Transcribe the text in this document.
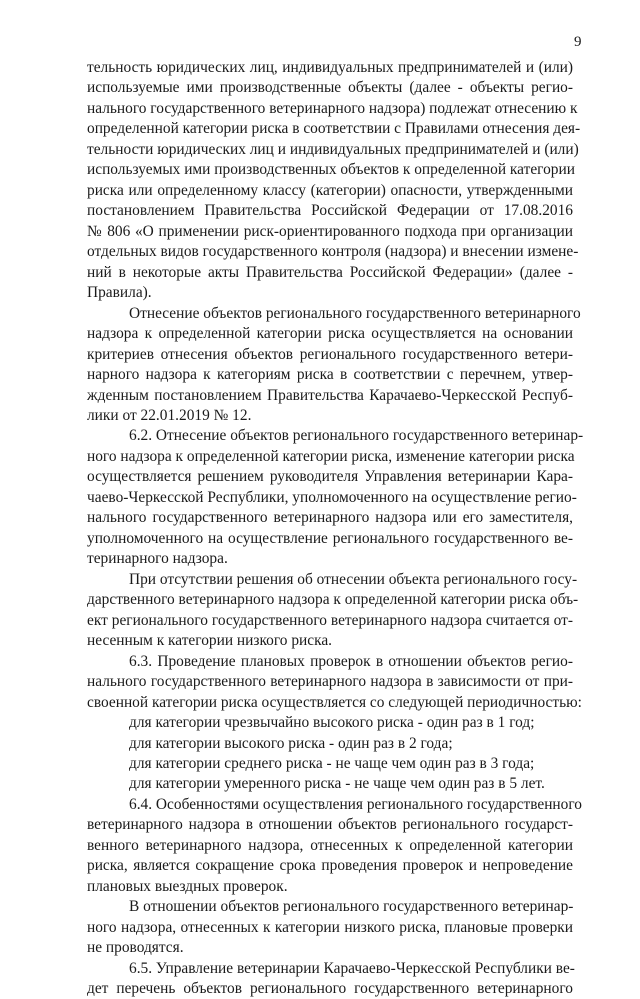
9
тельность юридических лиц, индивидуальных предпринимателей и (или)
используемые ими производственные объекты (далее - объекты регио-
нального государственного ветеринарного надзора) подлежат отнесению к
определенной категории риска в соответствии с Правилами отнесения дея-
тельности юридических лиц и индивидуальных предпринимателей и (или)
используемых ими производственных объектов к определенной категории
риска или определенному классу (категории) опасности, утвержденными
постановлением Правительства Российской Федерации от 17.08.2016
№ 806 «О применении риск-ориентированного подхода при организации
отдельных видов государственного контроля (надзора) и внесении измене-
ний в некоторые акты Правительства Российской Федерации» (далее -
Правила).
Отнесение объектов регионального государственного ветеринарного
надзора к определенной категории риска осуществляется на основании
критериев отнесения объектов регионального государственного ветери-
нарного надзора к категориям риска в соответствии с перечнем, утвер-
жденным постановлением Правительства Карачаево-Черкесской Респуб-
лики от 22.01.2019 № 12.
6.2. Отнесение объектов регионального государственного ветеринар-
ного надзора к определенной категории риска, изменение категории риска
осуществляется решением руководителя Управления ветеринарии Кара-
чаево-Черкесской Республики, уполномоченного на осуществление регио-
нального государственного ветеринарного надзора или его заместителя,
уполномоченного на осуществление регионального государственного ве-
теринарного надзора.
При отсутствии решения об отнесении объекта регионального госу-
дарственного ветеринарного надзора к определенной категории риска объ-
ект регионального государственного ветеринарного надзора считается от-
несенным к категории низкого риска.
6.3. Проведение плановых проверок в отношении объектов регио-
нального государственного ветеринарного надзора в зависимости от при-
своенной категории риска осуществляется со следующей периодичностью:
для категории чрезвычайно высокого риска - один раз в 1 год;
для категории высокого риска - один раз в 2 года;
для категории среднего риска - не чаще чем один раз в 3 года;
для категории умеренного риска - не чаще чем один раз в 5 лет.
6.4. Особенностями осуществления регионального государственного
ветеринарного надзора в отношении объектов регионального государст-
венного ветеринарного надзора, отнесенных к определенной категории
риска, является сокращение срока проведения проверок и непроведение
плановых выездных проверок.
В отношении объектов регионального государственного ветеринар-
ного надзора, отнесенных к категории низкого риска, плановые проверки
не проводятся.
6.5. Управление ветеринарии Карачаево-Черкесской Республики ве-
дет перечень объектов регионального государственного ветеринарного
